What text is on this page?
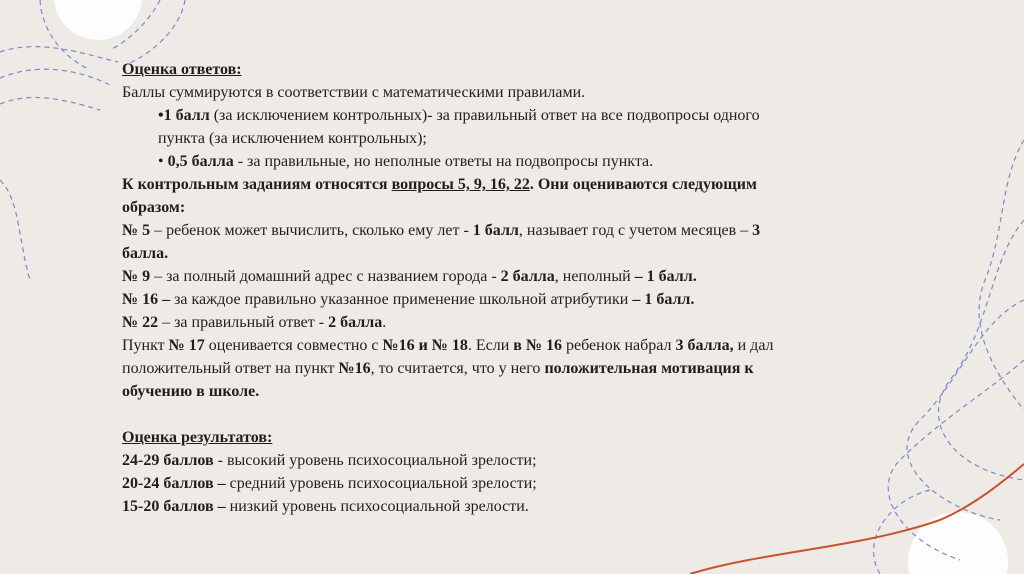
Оценка ответов:
Баллы суммируются в соответствии с математическими правилами.
•1 балл (за исключением контрольных)- за правильный ответ на все подвопросы одного
пункта (за исключением контрольных);
• 0,5 балла - за правильные, но неполные ответы на подвопросы пункта.
К контрольным заданиям относятся вопросы 5, 9, 16, 22. Они оцениваются следующим
образом:
№ 5 – ребенок может вычислить, сколько ему лет - 1 балл, называет год с учетом месяцев – 3
балла.
№ 9 – за полный домашний адрес с названием города - 2 балла, неполный – 1 балл.
№ 16 – за каждое правильно указанное применение школьной атрибутики – 1 балл.
№ 22 – за правильный ответ - 2 балла.
Пункт № 17 оценивается совместно с №16 и № 18. Если в № 16 ребенок набрал 3 балла, и дал
положительный ответ на пункт №16, то считается, что у него положительная мотивация к
обучению в школе.
Оценка результатов:
24-29 баллов - высокий уровень психосоциальной зрелости;
20-24 баллов – средний уровень психосоциальной зрелости;
15-20 баллов – низкий уровень психосоциальной зрелости.
